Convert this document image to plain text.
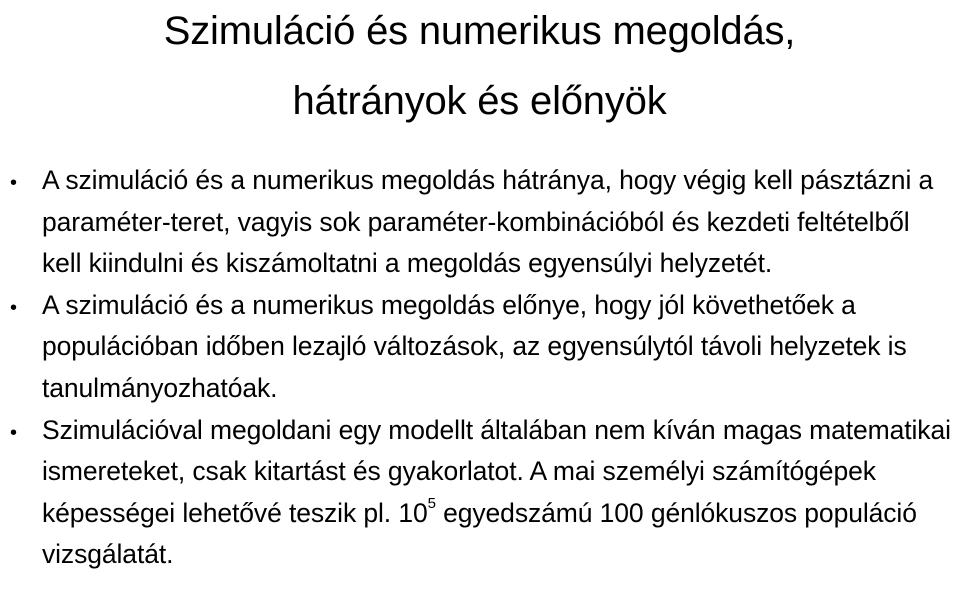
Szimuláció és numerikus megoldás,
hátrányok és előnyök
• A szimuláció és a numerikus megoldás hátránya, hogy végig kell pásztázni a paraméter-teret, vagyis sok paraméter-kombinációból és kezdeti feltételből kell kiindulni és kiszámoltatni a megoldás egyensúlyi helyzetét.
• A szimuláció és a numerikus megoldás előnye, hogy jól követhetőek a populációban időben lezajló változások, az egyensúlytól távoli helyzetek is tanulmányozhatóak.
• Szimulációval megoldani egy modellt általában nem kíván magas matematikai ismereteket, csak kitartást és gyakorlatot. A mai személyi számítógépek képességei lehetővé teszik pl. $10^5$ egyedszámú 100 génlókuszos populáció vizsgálatát.
